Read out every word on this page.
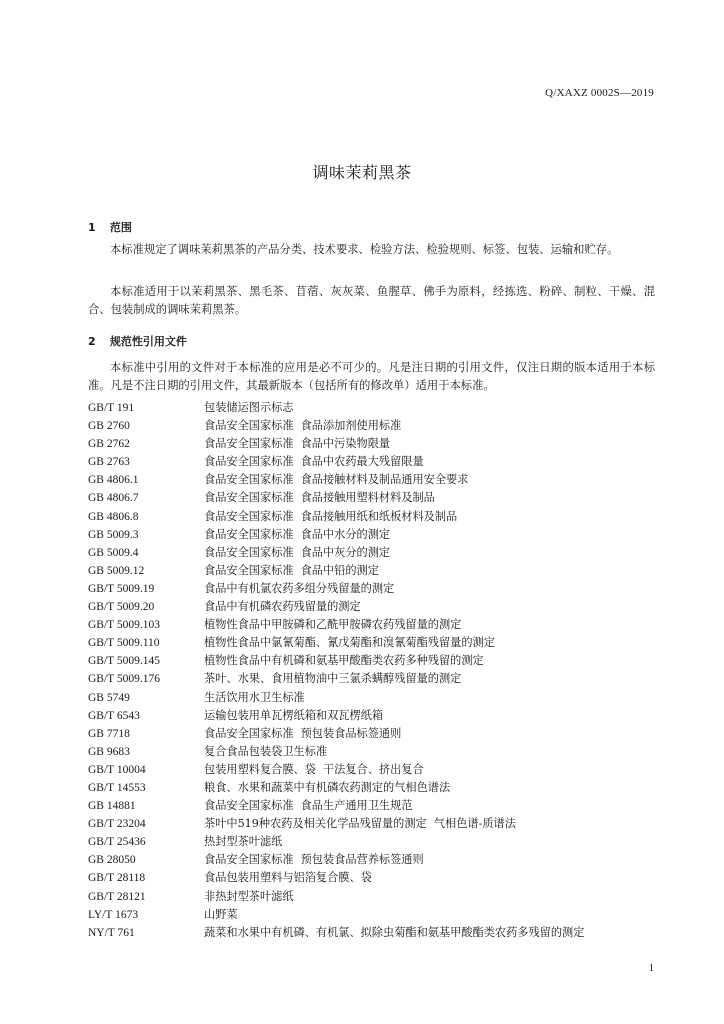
Q/XAXZ 0002S—2019
调味茉莉黑茶
1 范围
本标准规定了调味茉莉黑茶的产品分类、技术要求、检验方法、检验规则、标签、包装、运输和贮存。
本标准适用于以茉莉黑茶、黑毛茶、苜蓿、灰灰菜、鱼腥草、佛手为原料，经拣选、粉碎、制粒、干燥、混合、包装制成的调味茉莉黑茶。
2 规范性引用文件
本标准中引用的文件对于本标准的应用是必不可少的。凡是注日期的引用文件，仅注日期的版本适用于本标准。凡是不注日期的引用文件，其最新版本（包括所有的修改单）适用于本标准。
GB/T 191	包装储运图示标志
GB 2760	食品安全国家标准  食品添加剂使用标准
GB 2762	食品安全国家标准  食品中污染物限量
GB 2763	食品安全国家标准  食品中农药最大残留限量
GB 4806.1	食品安全国家标准  食品接触材料及制品通用安全要求
GB 4806.7	食品安全国家标准  食品接触用塑料材料及制品
GB 4806.8	食品安全国家标准  食品接触用纸和纸板材料及制品
GB 5009.3	食品安全国家标准  食品中水分的测定
GB 5009.4	食品安全国家标准  食品中灰分的测定
GB 5009.12	食品安全国家标准  食品中铅的测定
GB/T 5009.19	食品中有机氯农药多组分残留量的测定
GB/T 5009.20	食品中有机磷农药残留量的测定
GB/T 5009.103	植物性食品中甲胺磷和乙酰甲胺磷农药残留量的测定
GB/T 5009.110	植物性食品中氯氰菊酯、氰戊菊酯和溴氰菊酯残留量的测定
GB/T 5009.145	植物性食品中有机磷和氨基甲酸酯类农药多种残留的测定
GB/T 5009.176	茶叶、水果、食用植物油中三氯杀螨醇残留量的测定
GB 5749	生活饮用水卫生标准
GB/T 6543	运输包装用单瓦楞纸箱和双瓦楞纸箱
GB 7718	食品安全国家标准  预包装食品标签通则
GB 9683	复合食品包装袋卫生标准
GB/T 10004	包装用塑料复合膜、袋  干法复合、挤出复合
GB/T 14553	粮食、水果和蔬菜中有机磷农药测定的气相色谱法
GB 14881	食品安全国家标准  食品生产通用卫生规范
GB/T 23204	茶叶中519种农药及相关化学品残留量的测定  气相色谱-质谱法
GB/T 25436	热封型茶叶滤纸
GB 28050	食品安全国家标准  预包装食品营养标签通则
GB/T 28118	食品包装用塑料与铝箔复合膜、袋
GB/T 28121	非热封型茶叶滤纸
LY/T 1673	山野菜
NY/T 761	蔬菜和水果中有机磷、有机氯、拟除虫菊酯和氨基甲酸酯类农药多残留的测定
1
